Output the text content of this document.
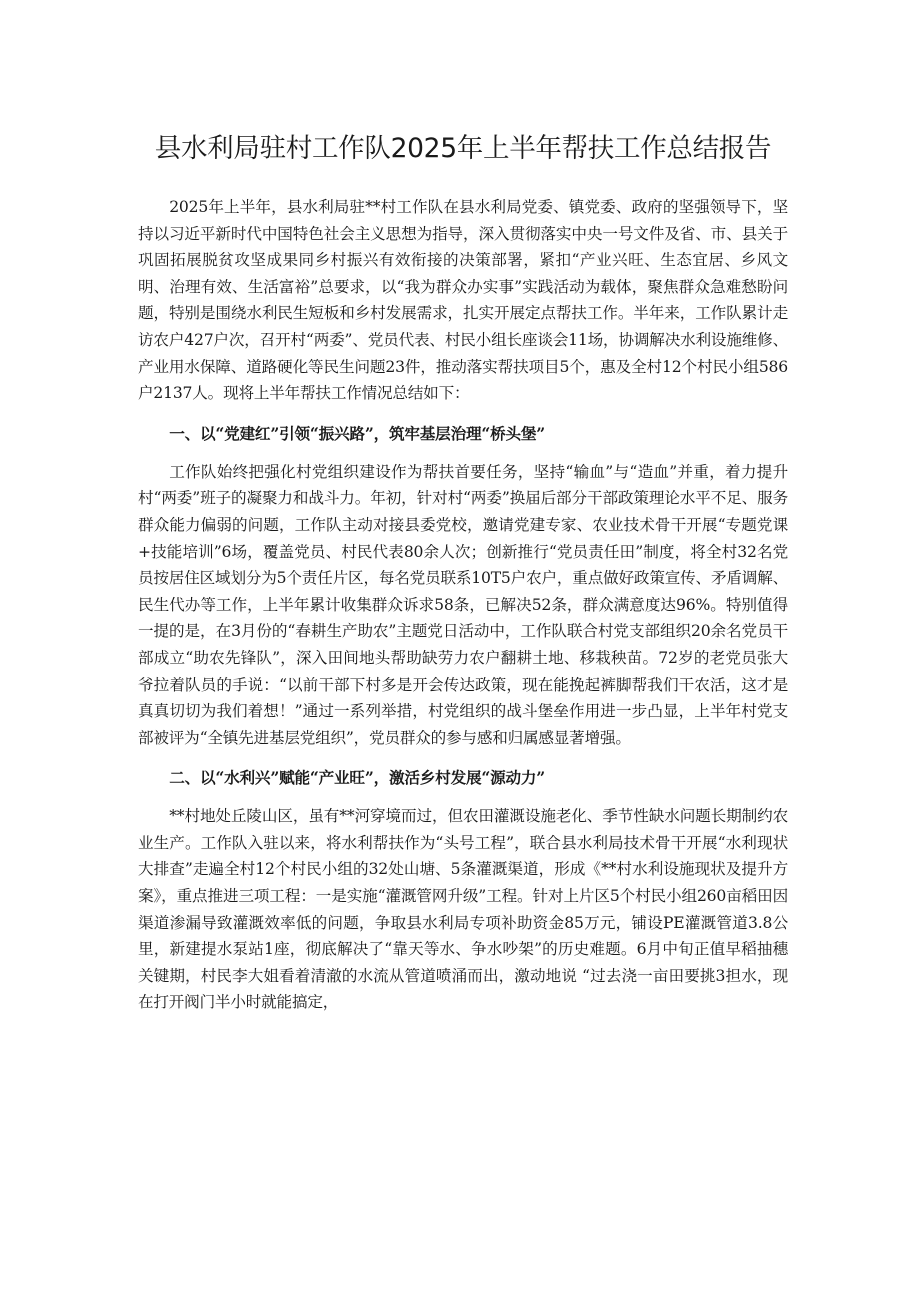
县水利局驻村工作队2025年上半年帮扶工作总结报告

2025年上半年，县水利局驻**村工作队在县水利局党委、镇党委、政府的坚强领导下，坚持以习近平新时代中国特色社会主义思想为指导，深入贯彻落实中央一号文件及省、市、县关于巩固拓展脱贫攻坚成果同乡村振兴有效衔接的决策部署，紧扣“产业兴旺、生态宜居、乡风文明、治理有效、生活富裕”总要求，以“我为群众办实事”实践活动为载体，聚焦群众急难愁盼问题，特别是围绕水利民生短板和乡村发展需求，扎实开展定点帮扶工作。半年来，工作队累计走访农户427户次，召开村“两委”、党员代表、村民小组长座谈会11场，协调解决水利设施维修、产业用水保障、道路硬化等民生问题23件，推动落实帮扶项目5个，惠及全村12个村民小组586户2137人。现将上半年帮扶工作情况总结如下：

一、以“党建红”引领“振兴路”，筑牢基层治理“桥头堡”

工作队始终把强化村党组织建设作为帮扶首要任务，坚持“输血”与“造血”并重，着力提升村“两委”班子的凝聚力和战斗力。年初，针对村“两委”换届后部分干部政策理论水平不足、服务群众能力偏弱的问题，工作队主动对接县委党校，邀请党建专家、农业技术骨干开展“专题党课+技能培训”6场，覆盖党员、村民代表80余人次；创新推行“党员责任田”制度，将全村32名党员按居住区域划分为5个责任片区，每名党员联系10T5户农户，重点做好政策宣传、矛盾调解、民生代办等工作，上半年累计收集群众诉求58条，已解决52条，群众满意度达96%。特别值得一提的是，在3月份的“春耕生产助农”主题党日活动中，工作队联合村党支部组织20余名党员干部成立“助农先锋队”，深入田间地头帮助缺劳力农户翻耕土地、移栽秧苗。72岁的老党员张大爷拉着队员的手说：“以前干部下村多是开会传达政策，现在能挽起裤脚帮我们干农活，这才是真真切切为我们着想！”通过一系列举措，村党组织的战斗堡垒作用进一步凸显，上半年村党支部被评为“全镇先进基层党组织”，党员群众的参与感和归属感显著增强。

二、以“水利兴”赋能“产业旺”，激活乡村发展“源动力”

**村地处丘陵山区，虽有**河穿境而过，但农田灌溉设施老化、季节性缺水问题长期制约农业生产。工作队入驻以来，将水利帮扶作为“头号工程”，联合县水利局技术骨干开展“水利现状大排查”走遍全村12个村民小组的32处山塘、5条灌溉渠道，形成《**村水利设施现状及提升方案》，重点推进三项工程：一是实施“灌溉管网升级”工程。针对上片区5个村民小组260亩稻田因渠道渗漏导致灌溉效率低的问题，争取县水利局专项补助资金85万元，铺设PE灌溉管道3.8公里，新建提水泵站1座，彻底解决了“靠天等水、争水吵架”的历史难题。6月中旬正值早稻抽穗关键期，村民李大姐看着清澈的水流从管道喷涌而出，激动地说 “过去浇一亩田要挑3担水，现在打开阀门半小时就能搞定，
